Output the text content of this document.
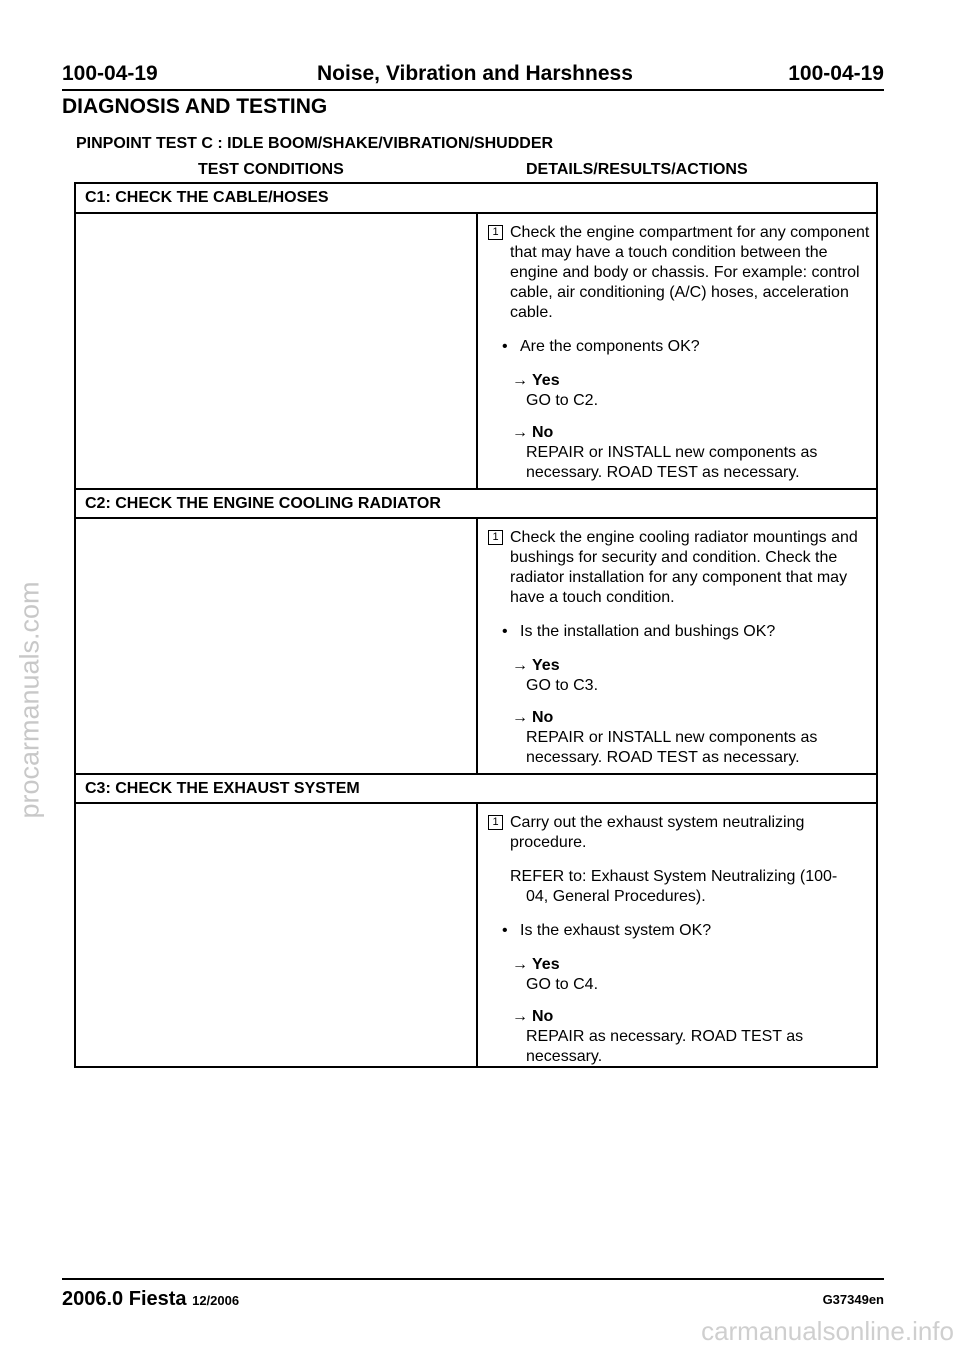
100-04-19	Noise, Vibration and Harshness	100-04-19
DIAGNOSIS AND TESTING
PINPOINT TEST C : IDLE BOOM/SHAKE/VIBRATION/SHUDDER
TEST CONDITIONS	DETAILS/RESULTS/ACTIONS
C1: CHECK THE CABLE/HOSES
1 Check the engine compartment for any component that may have a touch condition between the engine and body or chassis. For example: control cable, air conditioning (A/C) hoses, acceleration cable.
• Are the components OK?
→ Yes
GO to C2.
→ No
REPAIR or INSTALL new components as necessary. ROAD TEST as necessary.
C2: CHECK THE ENGINE COOLING RADIATOR
1 Check the engine cooling radiator mountings and bushings for security and condition. Check the radiator installation for any component that may have a touch condition.
• Is the installation and bushings OK?
→ Yes
GO to C3.
→ No
REPAIR or INSTALL new components as necessary. ROAD TEST as necessary.
C3: CHECK THE EXHAUST SYSTEM
1 Carry out the exhaust system neutralizing procedure.
REFER to: Exhaust System Neutralizing (100-
04, General Procedures).
• Is the exhaust system OK?
→ Yes
GO to C4.
→ No
REPAIR as necessary. ROAD TEST as necessary.
2006.0 Fiesta 12/2006	G37349en
procarmanuals.com
carmanualsonline.info
